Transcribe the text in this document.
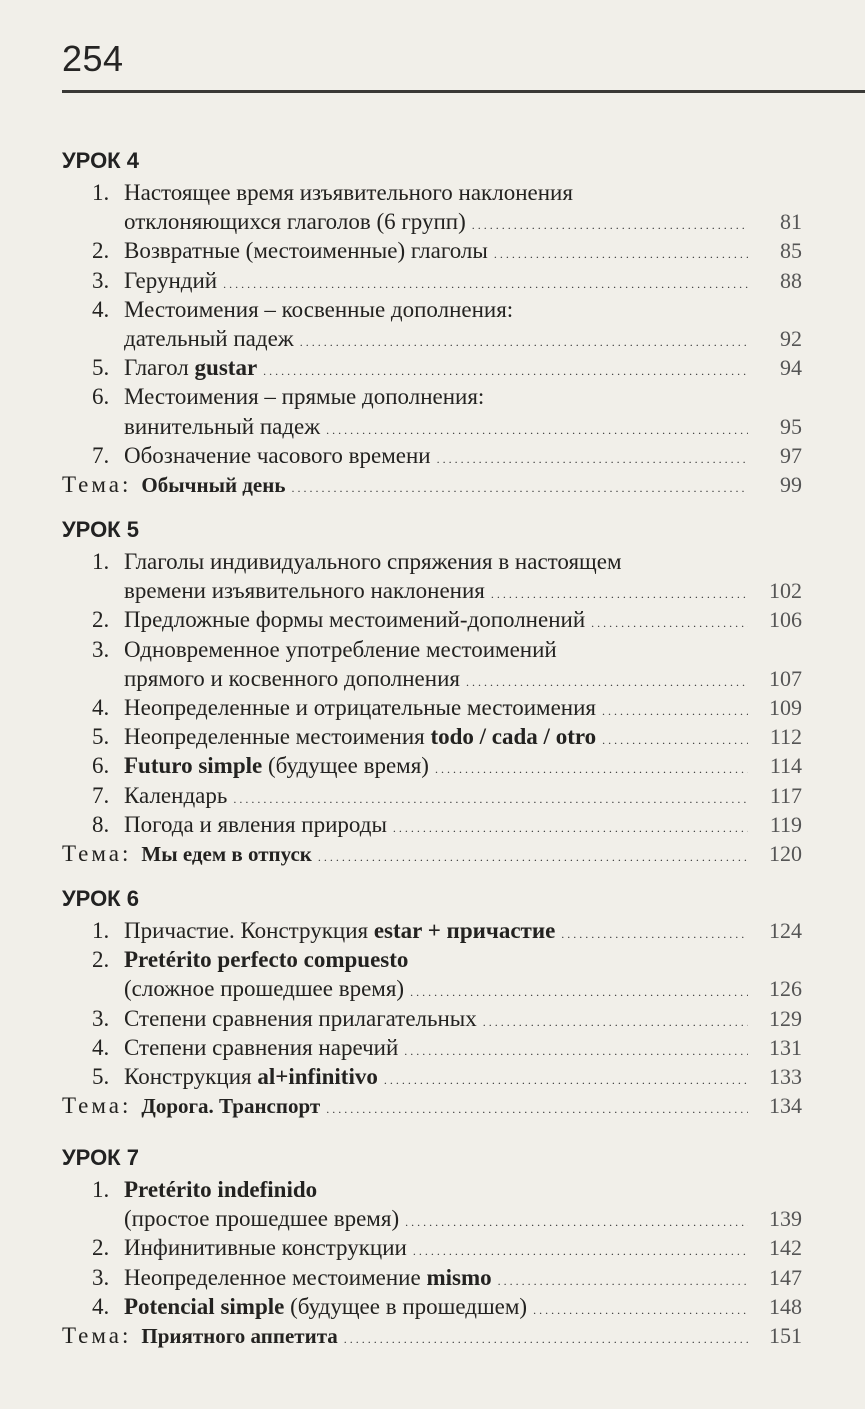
254
УРОК 4
1. Настоящее время изъявительного наклонения
отклоняющихся глаголов (6 групп) . . .	81
2. Возвратные (местоименные) глаголы . . .	85
3. Герундий . . .	88
4. Местоимения – косвенные дополнения:
дательный падеж . . .	92
5. Глагол gustar . . .	94
6. Местоимения – прямые дополнения:
винительный падеж . . .	95
7. Обозначение часового времени . . .	97
Тема: Обычный день . . .	99
УРОК 5
1. Глаголы индивидуального спряжения в настоящем
времени изъявительного наклонения . . .	102
2. Предложные формы местоимений-дополнений . . .	106
3. Одновременное употребление местоимений
прямого и косвенного дополнения . . .	107
4. Неопределенные и отрицательные местоимения . . .	109
5. Неопределенные местоимения todo / cada / otro . . .	112
6. Futuro simple (будущее время) . . .	114
7. Календарь . . .	117
8. Погода и явления природы . . .	119
Тема: Мы едем в отпуск . . .	120
УРОК 6
1. Причастие. Конструкция estar + причастие . . .	124
2. Pretérito perfecto compuesto
(сложное прошедшее время) . . .	126
3. Степени сравнения прилагательных . . .	129
4. Степени сравнения наречий . . .	131
5. Конструкция al+infinitivo . . .	133
Тема: Дорога. Транспорт . . .	134
УРОК 7
1. Pretérito indefinido
(простое прошедшее время) . . .	139
2. Инфинитивные конструкции . . .	142
3. Неопределенное местоимение mismo . . .	147
4. Potencial simple (будущее в прошедшем) . . .	148
Тема: Приятного аппетита . . .	151
